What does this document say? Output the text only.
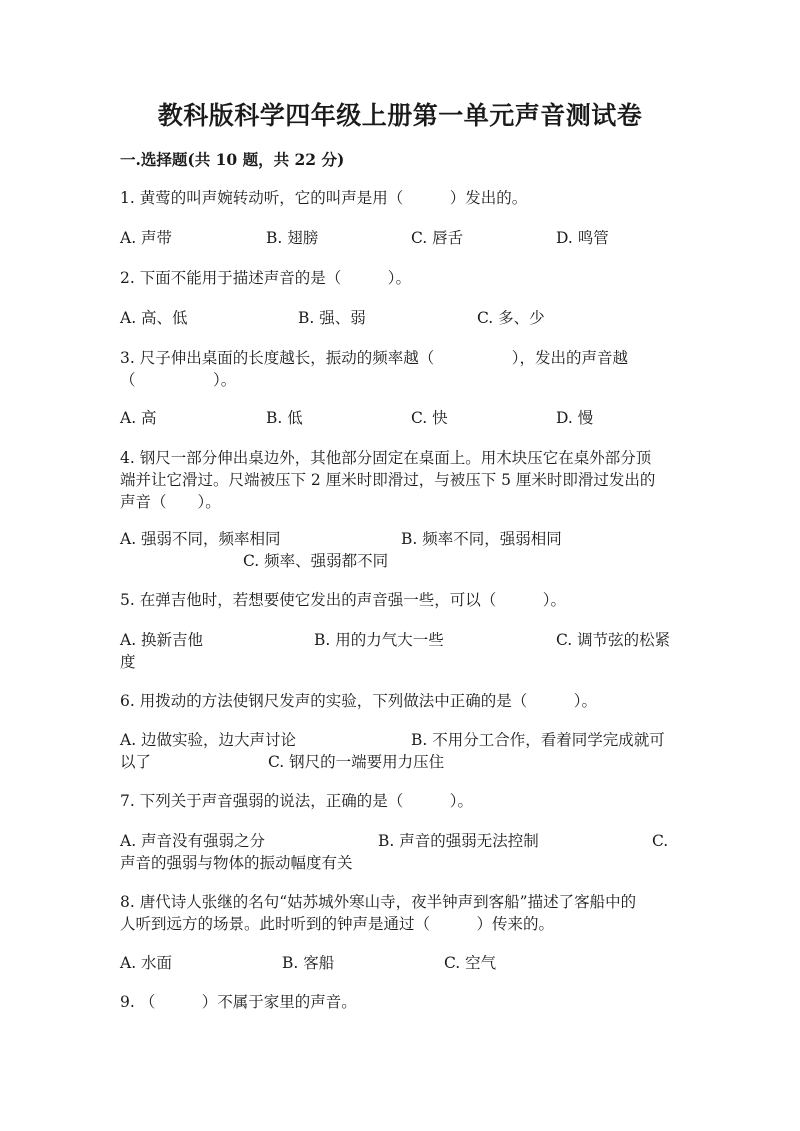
教科版科学四年级上册第一单元声音测试卷
一.选择题(共 10 题，共 22 分)
1. 黄莺的叫声婉转动听，它的叫声是用（　　　）发出的。
A. 声带	B. 翅膀	C. 唇舌	D. 鸣管
2. 下面不能用于描述声音的是（　　　）。
A. 高、低	B. 强、弱	C. 多、少
3. 尺子伸出桌面的长度越长，振动的频率越（　　　　　），发出的声音越
（　　　　　）。
A. 高	B. 低	C. 快	D. 慢
4. 钢尺一部分伸出桌边外，其他部分固定在桌面上。用木块压它在桌外部分顶
端并让它滑过。尺端被压下 2 厘米时即滑过，与被压下 5 厘米时即滑过发出的
声音（　　）。
A. 强弱不同，频率相同	B. 频率不同，强弱相同
C. 频率、强弱都不同
5. 在弹吉他时，若想要使它发出的声音强一些，可以（　　　）。
A. 换新吉他	B. 用的力气大一些	C. 调节弦的松紧
度
6. 用拨动的方法使钢尺发声的实验，下列做法中正确的是（　　　）。
A. 边做实验，边大声讨论	B. 不用分工合作，看着同学完成就可
以了	C. 钢尺的一端要用力压住
7. 下列关于声音强弱的说法，正确的是（　　　）。
A. 声音没有强弱之分	B. 声音的强弱无法控制	C.
声音的强弱与物体的振动幅度有关
8. 唐代诗人张继的名句“姑苏城外寒山寺，夜半钟声到客船”描述了客船中的
人听到远方的场景。此时听到的钟声是通过（　　　）传来的。
A. 水面	B. 客船	C. 空气
9. （　　　）不属于家里的声音。
